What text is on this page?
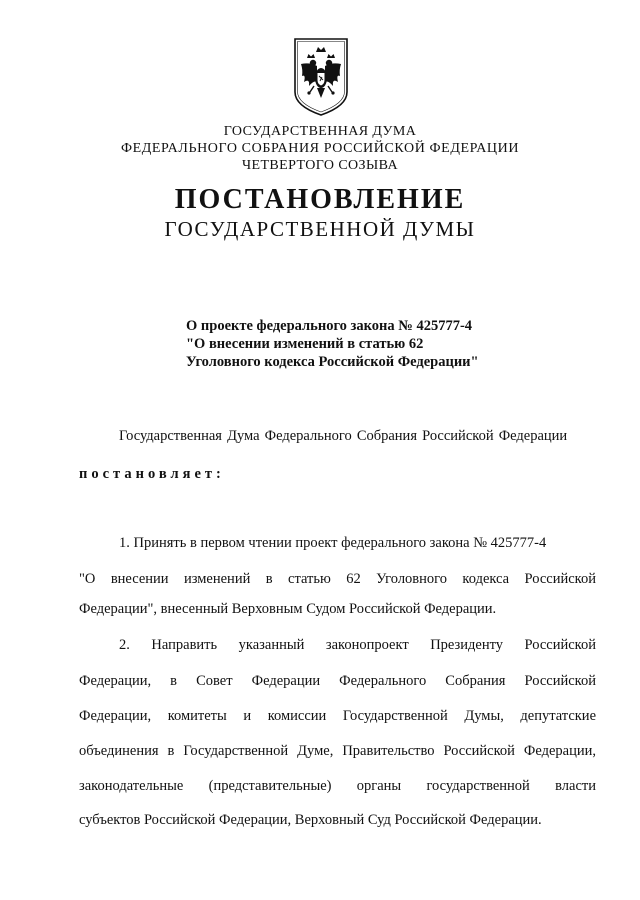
ГОСУДАРСТВЕННАЯ ДУМА
ФЕДЕРАЛЬНОГО СОБРАНИЯ РОССИЙСКОЙ ФЕДЕРАЦИИ
ЧЕТВЕРТОГО СОЗЫВА
ПОСТАНОВЛЕНИЕ
ГОСУДАРСТВЕННОЙ ДУМЫ
О проекте федерального закона № 425777-4
"О внесении изменений в статью 62
Уголовного кодекса Российской Федерации"
Государственная Дума Федерального Собрания Российской Федерации
постановляет:
1. Принять в первом чтении проект федерального закона № 425777-4
"О внесении изменений в статью 62 Уголовного кодекса Российской
Федерации", внесенный Верховным Судом Российской Федерации.
2. Направить указанный законопроект Президенту Российской
Федерации, в Совет Федерации Федерального Собрания Российской
Федерации, комитеты и комиссии Государственной Думы, депутатские
объединения в Государственной Думе, Правительство Российской Федерации,
законодательные (представительные) органы государственной власти
субъектов Российской Федерации, Верховный Суд Российской Федерации.
